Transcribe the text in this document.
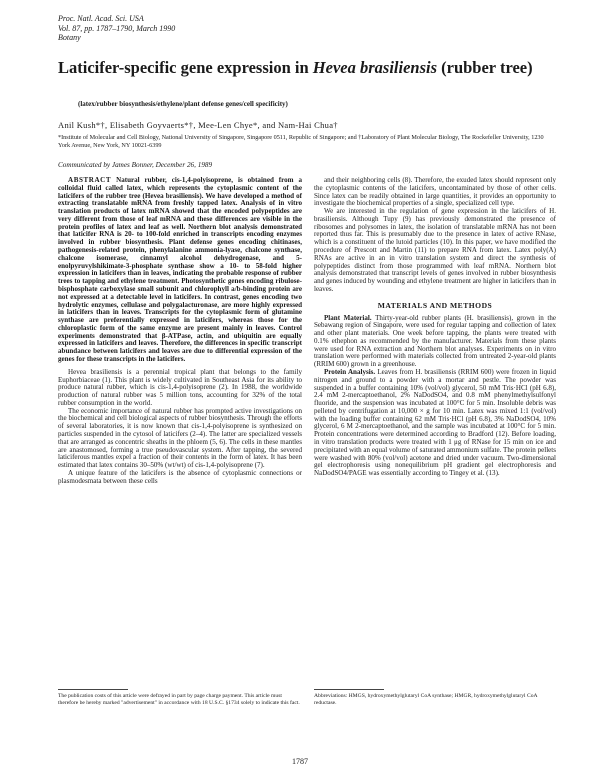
Proc. Natl. Acad. Sci. USA
Vol. 87, pp. 1787–1790, March 1990
Botany
Laticifer-specific gene expression in Hevea brasiliensis (rubber tree)
(latex/rubber biosynthesis/ethylene/plant defense genes/cell specificity)
Anil Kush*†, Elisabeth Goyvaerts*†, Mee-Len Chye*, and Nam-Hai Chua†
*Institute of Molecular and Cell Biology, National University of Singapore, Singapore 0511, Republic of Singapore; and †Laboratory of Plant Molecular Biology, The Rockefeller University, 1230 York Avenue, New York, NY 10021-6399
Communicated by James Bonner, December 26, 1989

ABSTRACT Natural rubber, cis-1,4-polyisoprene, is obtained from a colloidal fluid called latex, which represents the cytoplasmic content of the laticifers of the rubber tree (Hevea brasiliensis). We have developed a method of extracting translatable mRNA from freshly tapped latex. Analysis of in vitro translation products of latex mRNA showed that the encoded polypeptides are very different from those of leaf mRNA and these differences are visible in the protein profiles of latex and leaf as well. Northern blot analysis demonstrated that laticifer RNA is 20- to 100-fold enriched in transcripts encoding enzymes involved in rubber biosynthesis. Plant defense genes encoding chitinases, pathogenesis-related protein, phenylalanine ammonia-lyase, chalcone synthase, chalcone isomerase, cinnamyl alcohol dehydrogenase, and 5-enolpyruvylshikimate-3-phosphate synthase show a 10- to 58-fold higher expression in laticifers than in leaves, indicating the probable response of rubber trees to tapping and ethylene treatment. Photosynthetic genes encoding ribulose-bisphosphate carboxylase small subunit and chlorophyll a/b-binding protein are not expressed at a detectable level in laticifers. In contrast, genes encoding two hydrolytic enzymes, cellulase and polygalacturonase, are more highly expressed in laticifers than in leaves. Transcripts for the cytoplasmic form of glutamine synthase are preferentially expressed in laticifers, whereas those for the chloroplastic form of the same enzyme are present mainly in leaves. Control experiments demonstrated that β-ATPase, actin, and ubiquitin are equally expressed in laticifers and leaves. Therefore, the differences in specific transcript abundance between laticifers and leaves are due to differential expression of the genes for these transcripts in the laticifers.

Hevea brasiliensis is a perennial tropical plant that belongs to the family Euphorbiaceae (1). This plant is widely cultivated in Southeast Asia for its ability to produce natural rubber, which is cis-1,4-polyisoprene (2). In 1988, the worldwide production of natural rubber was 5 million tons, accounting for 32% of the total rubber consumption in the world.

The economic importance of natural rubber has prompted active investigations on the biochemical and cell biological aspects of rubber biosynthesis. Through the efforts of several laboratories, it is now known that cis-1,4-polyisoprene is synthesized on particles suspended in the cytosol of laticifers (2–4). The latter are specialized vessels that are arranged as concentric sheaths in the phloem (5, 6). The cells in these mantles are anastomosed, forming a true pseudovascular system. After tapping, the severed laticiferous mantles expel a fraction of their contents in the form of latex. It has been estimated that latex contains 30–50% (wt/wt) of cis-1,4-polyisoprene (7).

A unique feature of the laticifers is the absence of cytoplasmic connections or plasmodesmata between these cells

and their neighboring cells (8). Therefore, the exuded latex should represent only the cytoplasmic contents of the laticifers, uncontaminated by those of other cells. Since latex can be readily obtained in large quantities, it provides an opportunity to investigate the biochemical properties of a single, specialized cell type.

We are interested in the regulation of gene expression in the laticifers of H. brasiliensis. Although Tupy (9) has previously demonstrated the presence of ribosomes and polysomes in latex, the isolation of translatable mRNA has not been reported thus far. This is presumably due to the presence in latex of active RNase, which is a constituent of the lutoid particles (10). In this paper, we have modified the procedure of Prescott and Martin (11) to prepare RNA from latex. Latex poly(A) RNAs are active in an in vitro translation system and direct the synthesis of polypeptides distinct from those programmed with leaf mRNA. Northern blot analysis demonstrated that transcript levels of genes involved in rubber biosynthesis and genes induced by wounding and ethylene treatment are higher in laticifers than in leaves.

MATERIALS AND METHODS

Plant Material. Thirty-year-old rubber plants (H. brasiliensis), grown in the Sebawang region of Singapore, were used for regular tapping and collection of latex and other plant materials. One week before tapping, the plants were treated with 0.1% ethephon as recommended by the manufacturer. Materials from these plants were used for RNA extraction and Northern blot analyses. Experiments on in vitro translation were performed with materials collected from untreated 2-year-old plants (RRIM 600) grown in a greenhouse.

Protein Analysis. Leaves from H. brasiliensis (RRIM 600) were frozen in liquid nitrogen and ground to a powder with a mortar and pestle. The powder was suspended in a buffer containing 10% (vol/vol) glycerol, 50 mM Tris·HCl (pH 6.8), 2.4 mM 2-mercaptoethanol, 2% NaDodSO4, and 0.8 mM phenylmethylsulfonyl fluoride, and the suspension was incubated at 100°C for 5 min. Insoluble debris was pelleted by centrifugation at 10,000 × g for 10 min. Latex was mixed 1:1 (vol/vol) with the loading buffer containing 62 mM Tris·HCl (pH 6.8), 3% NaDodSO4, 10% glycerol, 6 M 2-mercaptoethanol, and the sample was incubated at 100°C for 5 min. Protein concentrations were determined according to Bradford (12). Before loading, in vitro translation products were treated with 1 μg of RNase for 15 min on ice and precipitated with an equal volume of saturated ammonium sulfate. The protein pellets were washed with 80% (vol/vol) acetone and dried under vacuum. Two-dimensional gel electrophoresis using nonequilibrium pH gradient gel electrophoresis and NaDodSO4/PAGE was essentially according to Tingey et al. (13).

The publication costs of this article were defrayed in part by page charge payment. This article must therefore be hereby marked "advertisement" in accordance with 18 U.S.C. §1734 solely to indicate this fact.
Abbreviations: HMGS, hydroxymethylglutaryl CoA synthase; HMGR, hydroxymethylglutaryl CoA reductase.
1787
